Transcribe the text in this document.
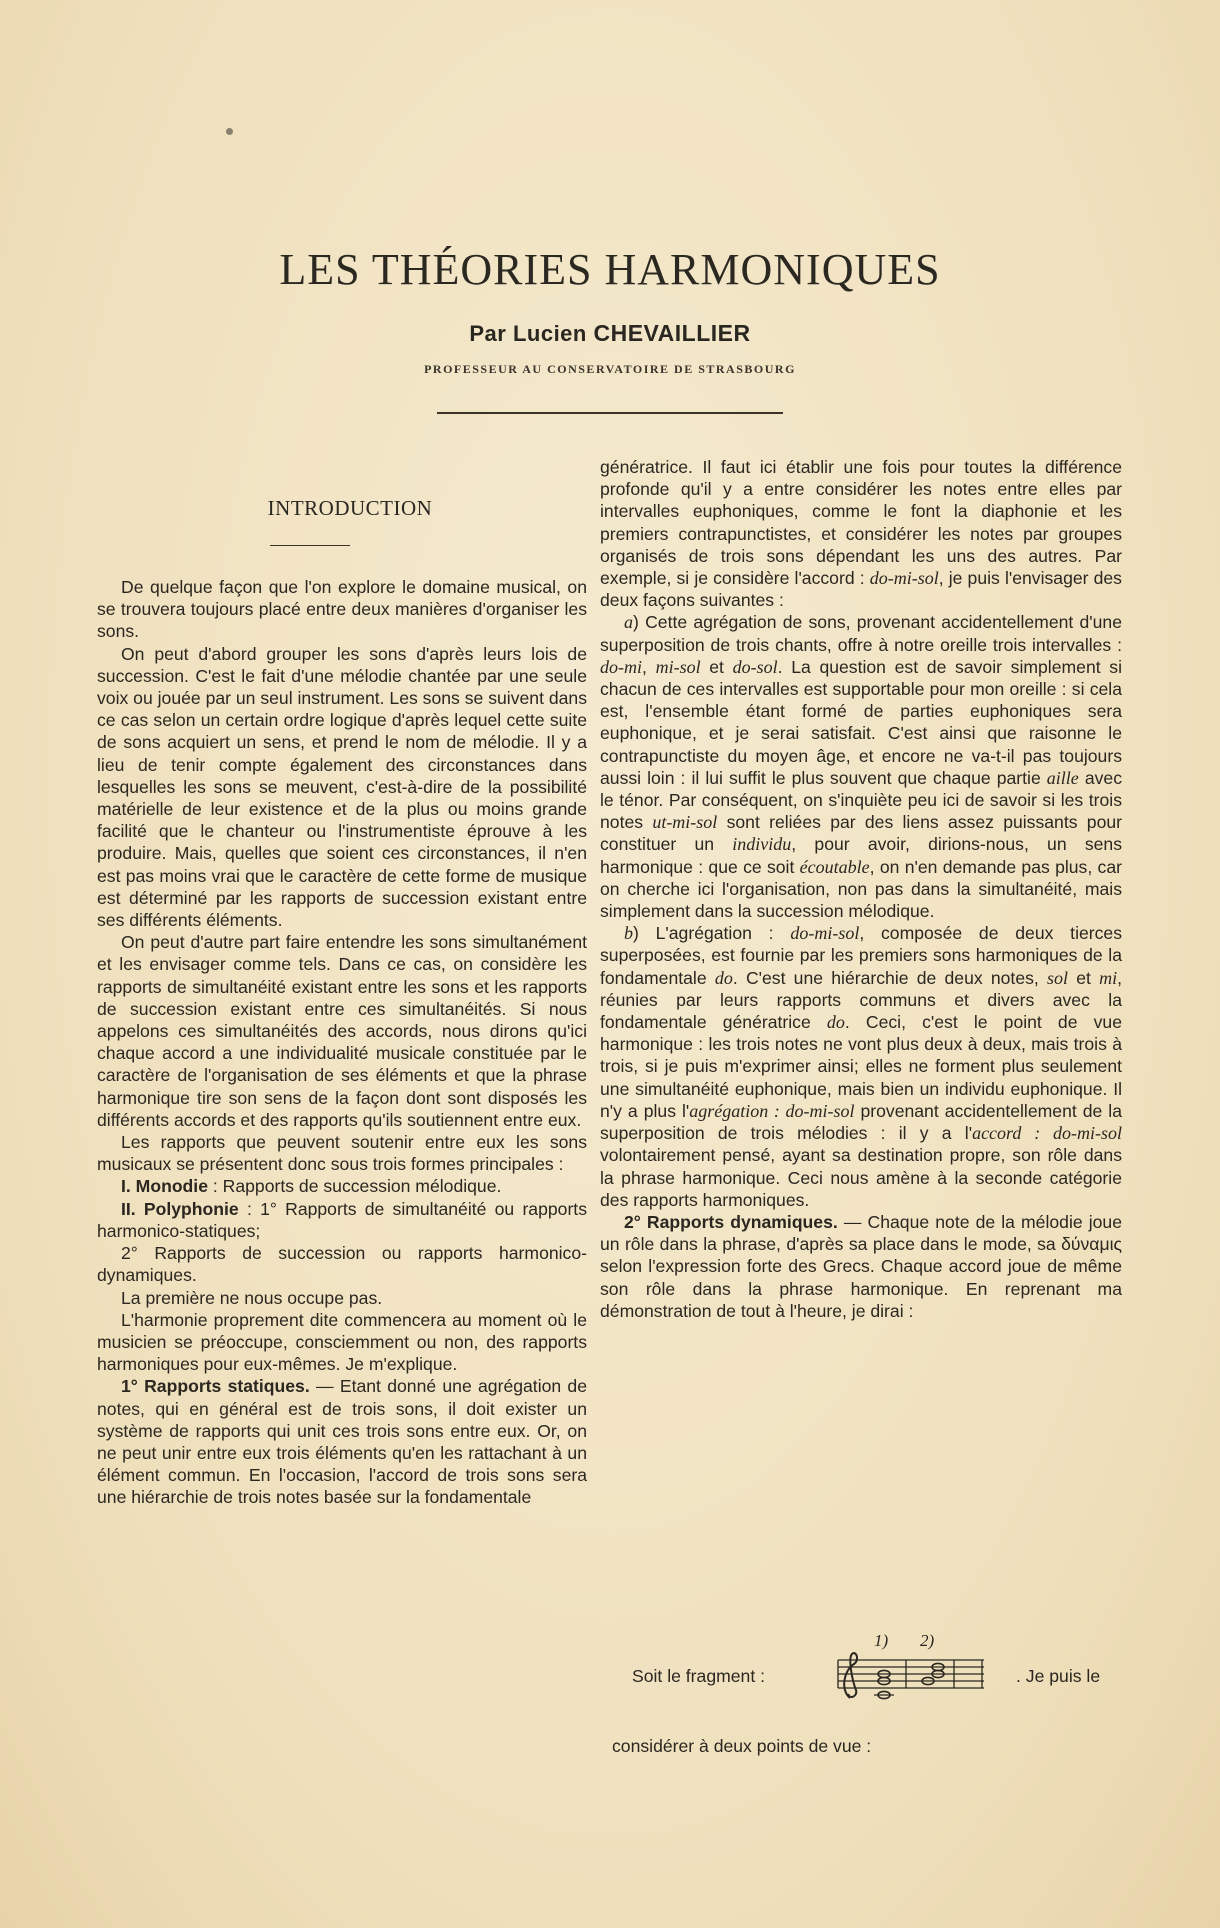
LES THÉORIES HARMONIQUES
Par Lucien CHEVAILLIER
PROFESSEUR AU CONSERVATOIRE DE STRASBOURG
INTRODUCTION

De quelque façon que l'on explore le domaine musical, on se trouvera toujours placé entre deux manières d'organiser les sons.

On peut d'abord grouper les sons d'après leurs lois de succession. C'est le fait d'une mélodie chantée par une seule voix ou jouée par un seul instrument. Les sons se suivent dans ce cas selon un certain ordre logique d'après lequel cette suite de sons acquiert un sens, et prend le nom de mélodie. Il y a lieu de tenir compte également des circonstances dans lesquelles les sons se meuvent, c'est-à-dire de la possibilité matérielle de leur existence et de la plus ou moins grande facilité que le chanteur ou l'instrumentiste éprouve à les produire. Mais, quelles que soient ces circonstances, il n'en est pas moins vrai que le caractère de cette forme de musique est déterminé par les rapports de succession existant entre ses différents éléments.

On peut d'autre part faire entendre les sons simultanément et les envisager comme tels. Dans ce cas, on considère les rapports de simultanéité existant entre les sons et les rapports de succession existant entre ces simultanéités. Si nous appelons ces simultanéités des accords, nous dirons qu'ici chaque accord a une individualité musicale constituée par le caractère de l'organisation de ses éléments et que la phrase harmonique tire son sens de la façon dont sont disposés les différents accords et des rapports qu'ils soutiennent entre eux.

Les rapports que peuvent soutenir entre eux les sons musicaux se présentent donc sous trois formes principales :

I. Monodie : Rapports de succession mélodique.

II. Polyphonie : 1° Rapports de simultanéité ou rapports harmonico-statiques;

2° Rapports de succession ou rapports harmonico-dynamiques.

La première ne nous occupe pas.

L'harmonie proprement dite commencera au moment où le musicien se préoccupe, consciemment ou non, des rapports harmoniques pour eux-mêmes. Je m'explique.

1° Rapports statiques. — Etant donné une agrégation de notes, qui en général est de trois sons, il doit exister un système de rapports qui unit ces trois sons entre eux. Or, on ne peut unir entre eux trois éléments qu'en les rattachant à un élément commun. En l'occasion, l'accord de trois sons sera une hiérarchie de trois notes basée sur la fondamentale

génératrice. Il faut ici établir une fois pour toutes la différence profonde qu'il y a entre considérer les notes entre elles par intervalles euphoniques, comme le font la diaphonie et les premiers contrapunctistes, et considérer les notes par groupes organisés de trois sons dépendant les uns des autres. Par exemple, si je considère l'accord : do-mi-sol, je puis l'envisager des deux façons suivantes :

a) Cette agrégation de sons, provenant accidentellement d'une superposition de trois chants, offre à notre oreille trois intervalles : do-mi, mi-sol et do-sol. La question est de savoir simplement si chacun de ces intervalles est supportable pour mon oreille : si cela est, l'ensemble étant formé de parties euphoniques sera euphonique, et je serai satisfait. C'est ainsi que raisonne le contrapunctiste du moyen âge, et encore ne va-t-il pas toujours aussi loin : il lui suffit le plus souvent que chaque partie aille avec le ténor. Par conséquent, on s'inquiète peu ici de savoir si les trois notes ut-mi-sol sont reliées par des liens assez puissants pour constituer un individu, pour avoir, dirions-nous, un sens harmonique : que ce soit écoutable, on n'en demande pas plus, car on cherche ici l'organisation, non pas dans la simultanéité, mais simplement dans la succession mélodique.

b) L'agrégation : do-mi-sol, composée de deux tierces superposées, est fournie par les premiers sons harmoniques de la fondamentale do. C'est une hiérarchie de deux notes, sol et mi, réunies par leurs rapports communs et divers avec la fondamentale génératrice do. Ceci, c'est le point de vue harmonique : les trois notes ne vont plus deux à deux, mais trois à trois, si je puis m'exprimer ainsi; elles ne forment plus seulement une simultanéité euphonique, mais bien un individu euphonique. Il n'y a plus l'agrégation : do-mi-sol provenant accidentellement de la superposition de trois mélodies : il y a l'accord : do-mi-sol volontairement pensé, ayant sa destination propre, son rôle dans la phrase harmonique. Ceci nous amène à la seconde catégorie des rapports harmoniques.

2° Rapports dynamiques. — Chaque note de la mélodie joue un rôle dans la phrase, d'après sa place dans le mode, sa δύναμις selon l'expression forte des Grecs. Chaque accord joue de même son rôle dans la phrase harmonique. En reprenant ma démonstration de tout à l'heure, je dirai :

Soit le fragment :
1) 2)
. Je puis le
considérer à deux points de vue :
